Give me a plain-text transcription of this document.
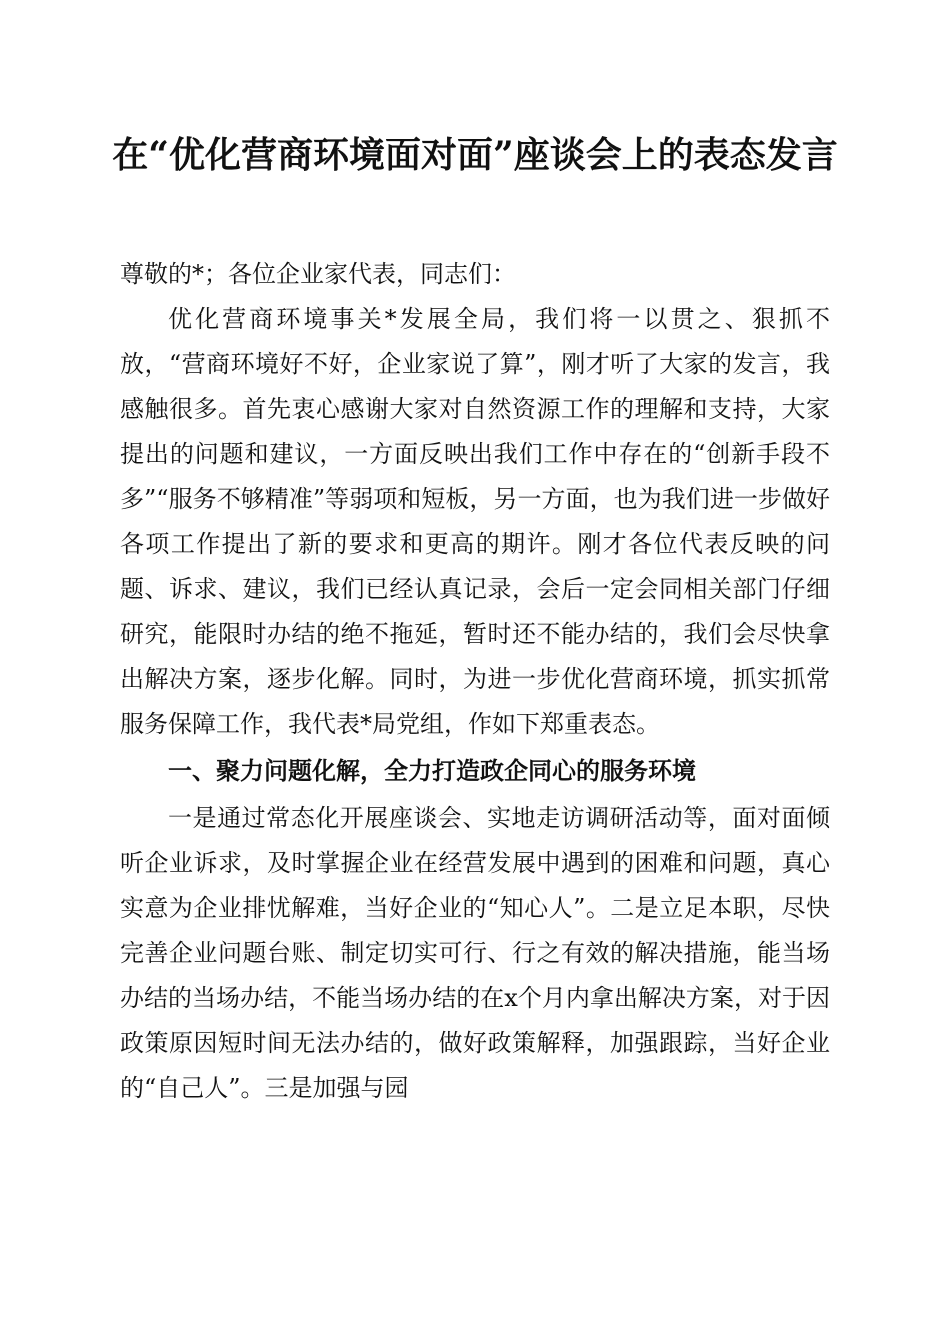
在“优化营商环境面对面”座谈会上的表态发言

尊敬的*；各位企业家代表，同志们：

优化营商环境事关*发展全局，我们将一以贯之、狠抓不放，“营商环境好不好，企业家说了算”，刚才听了大家的发言，我感触很多。首先衷心感谢大家对自然资源工作的理解和支持，大家提出的问题和建议，一方面反映出我们工作中存在的“创新手段不多”“服务不够精准”等弱项和短板，另一方面，也为我们进一步做好各项工作提出了新的要求和更高的期许。刚才各位代表反映的问题、诉求、建议，我们已经认真记录，会后一定会同相关部门仔细研究，能限时办结的绝不拖延，暂时还不能办结的，我们会尽快拿出解决方案，逐步化解。同时，为进一步优化营商环境，抓实抓常服务保障工作，我代表*局党组，作如下郑重表态。

一、聚力问题化解，全力打造政企同心的服务环境

一是通过常态化开展座谈会、实地走访调研活动等，面对面倾听企业诉求，及时掌握企业在经营发展中遇到的困难和问题，真心实意为企业排忧解难，当好企业的“知心人”。二是立足本职，尽快完善企业问题台账、制定切实可行、行之有效的解决措施，能当场办结的当场办结，不能当场办结的在x个月内拿出解决方案，对于因政策原因短时间无法办结的，做好政策解释，加强跟踪，当好企业的“自己人”。三是加强与园
